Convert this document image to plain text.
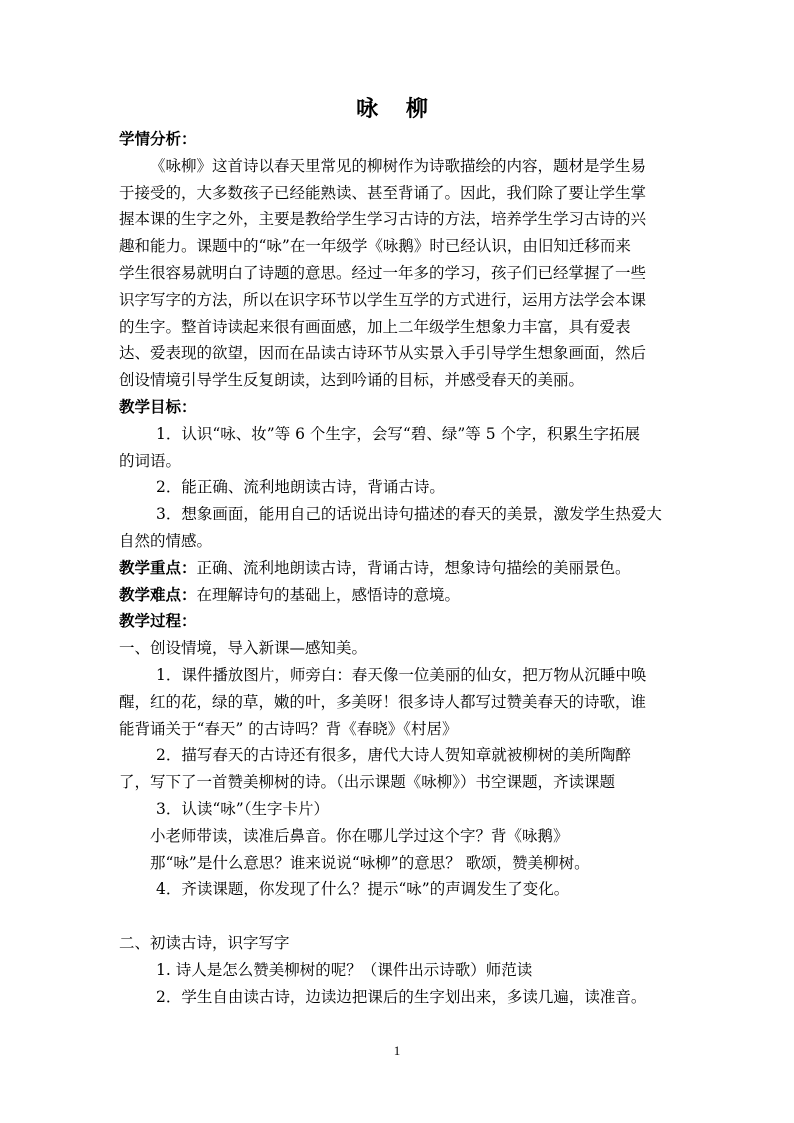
咏 柳
学情分析：
《咏柳》这首诗以春天里常见的柳树作为诗歌描绘的内容，题材是学生易
于接受的，大多数孩子已经能熟读、甚至背诵了。因此，我们除了要让学生掌
握本课的生字之外，主要是教给学生学习古诗的方法，培养学生学习古诗的兴
趣和能力。课题中的“咏”在一年级学《咏鹅》时已经认识，由旧知迁移而来
学生很容易就明白了诗题的意思。经过一年多的学习，孩子们已经掌握了一些
识字写字的方法，所以在识字环节以学生互学的方式进行，运用方法学会本课
的生字。整首诗读起来很有画面感，加上二年级学生想象力丰富，具有爱表
达、爱表现的欲望，因而在品读古诗环节从实景入手引导学生想象画面，然后
创设情境引导学生反复朗读，达到吟诵的目标，并感受春天的美丽。
教学目标：
1．认识“咏、妆”等 6 个生字，会写“碧、绿”等 5 个字，积累生字拓展
的词语。
2．能正确、流利地朗读古诗，背诵古诗。
3．想象画面，能用自己的话说出诗句描述的春天的美景，激发学生热爱大
自然的情感。
教学重点：正确、流利地朗读古诗，背诵古诗，想象诗句描绘的美丽景色。
教学难点：在理解诗句的基础上，感悟诗的意境。
教学过程：
一、创设情境，导入新课—感知美。
1．课件播放图片，师旁白：春天像一位美丽的仙女，把万物从沉睡中唤
醒，红的花，绿的草，嫩的叶，多美呀！很多诗人都写过赞美春天的诗歌，谁
能背诵关于“春天” 的古诗吗？背《春晓》《村居》
2．描写春天的古诗还有很多，唐代大诗人贺知章就被柳树的美所陶醉
了，写下了一首赞美柳树的诗。（出示课题《咏柳》）书空课题，齐读课题
3．认读“咏”（生字卡片）
小老师带读，读准后鼻音。你在哪儿学过这个字？背《咏鹅》
那“咏”是什么意思？谁来说说“咏柳”的意思？ 歌颂，赞美柳树。
4．齐读课题，你发现了什么？提示“咏”的声调发生了变化。
二、初读古诗，识字写字
1. 诗人是怎么赞美柳树的呢？（课件出示诗歌）师范读
2．学生自由读古诗，边读边把课后的生字划出来，多读几遍，读准音。
1
